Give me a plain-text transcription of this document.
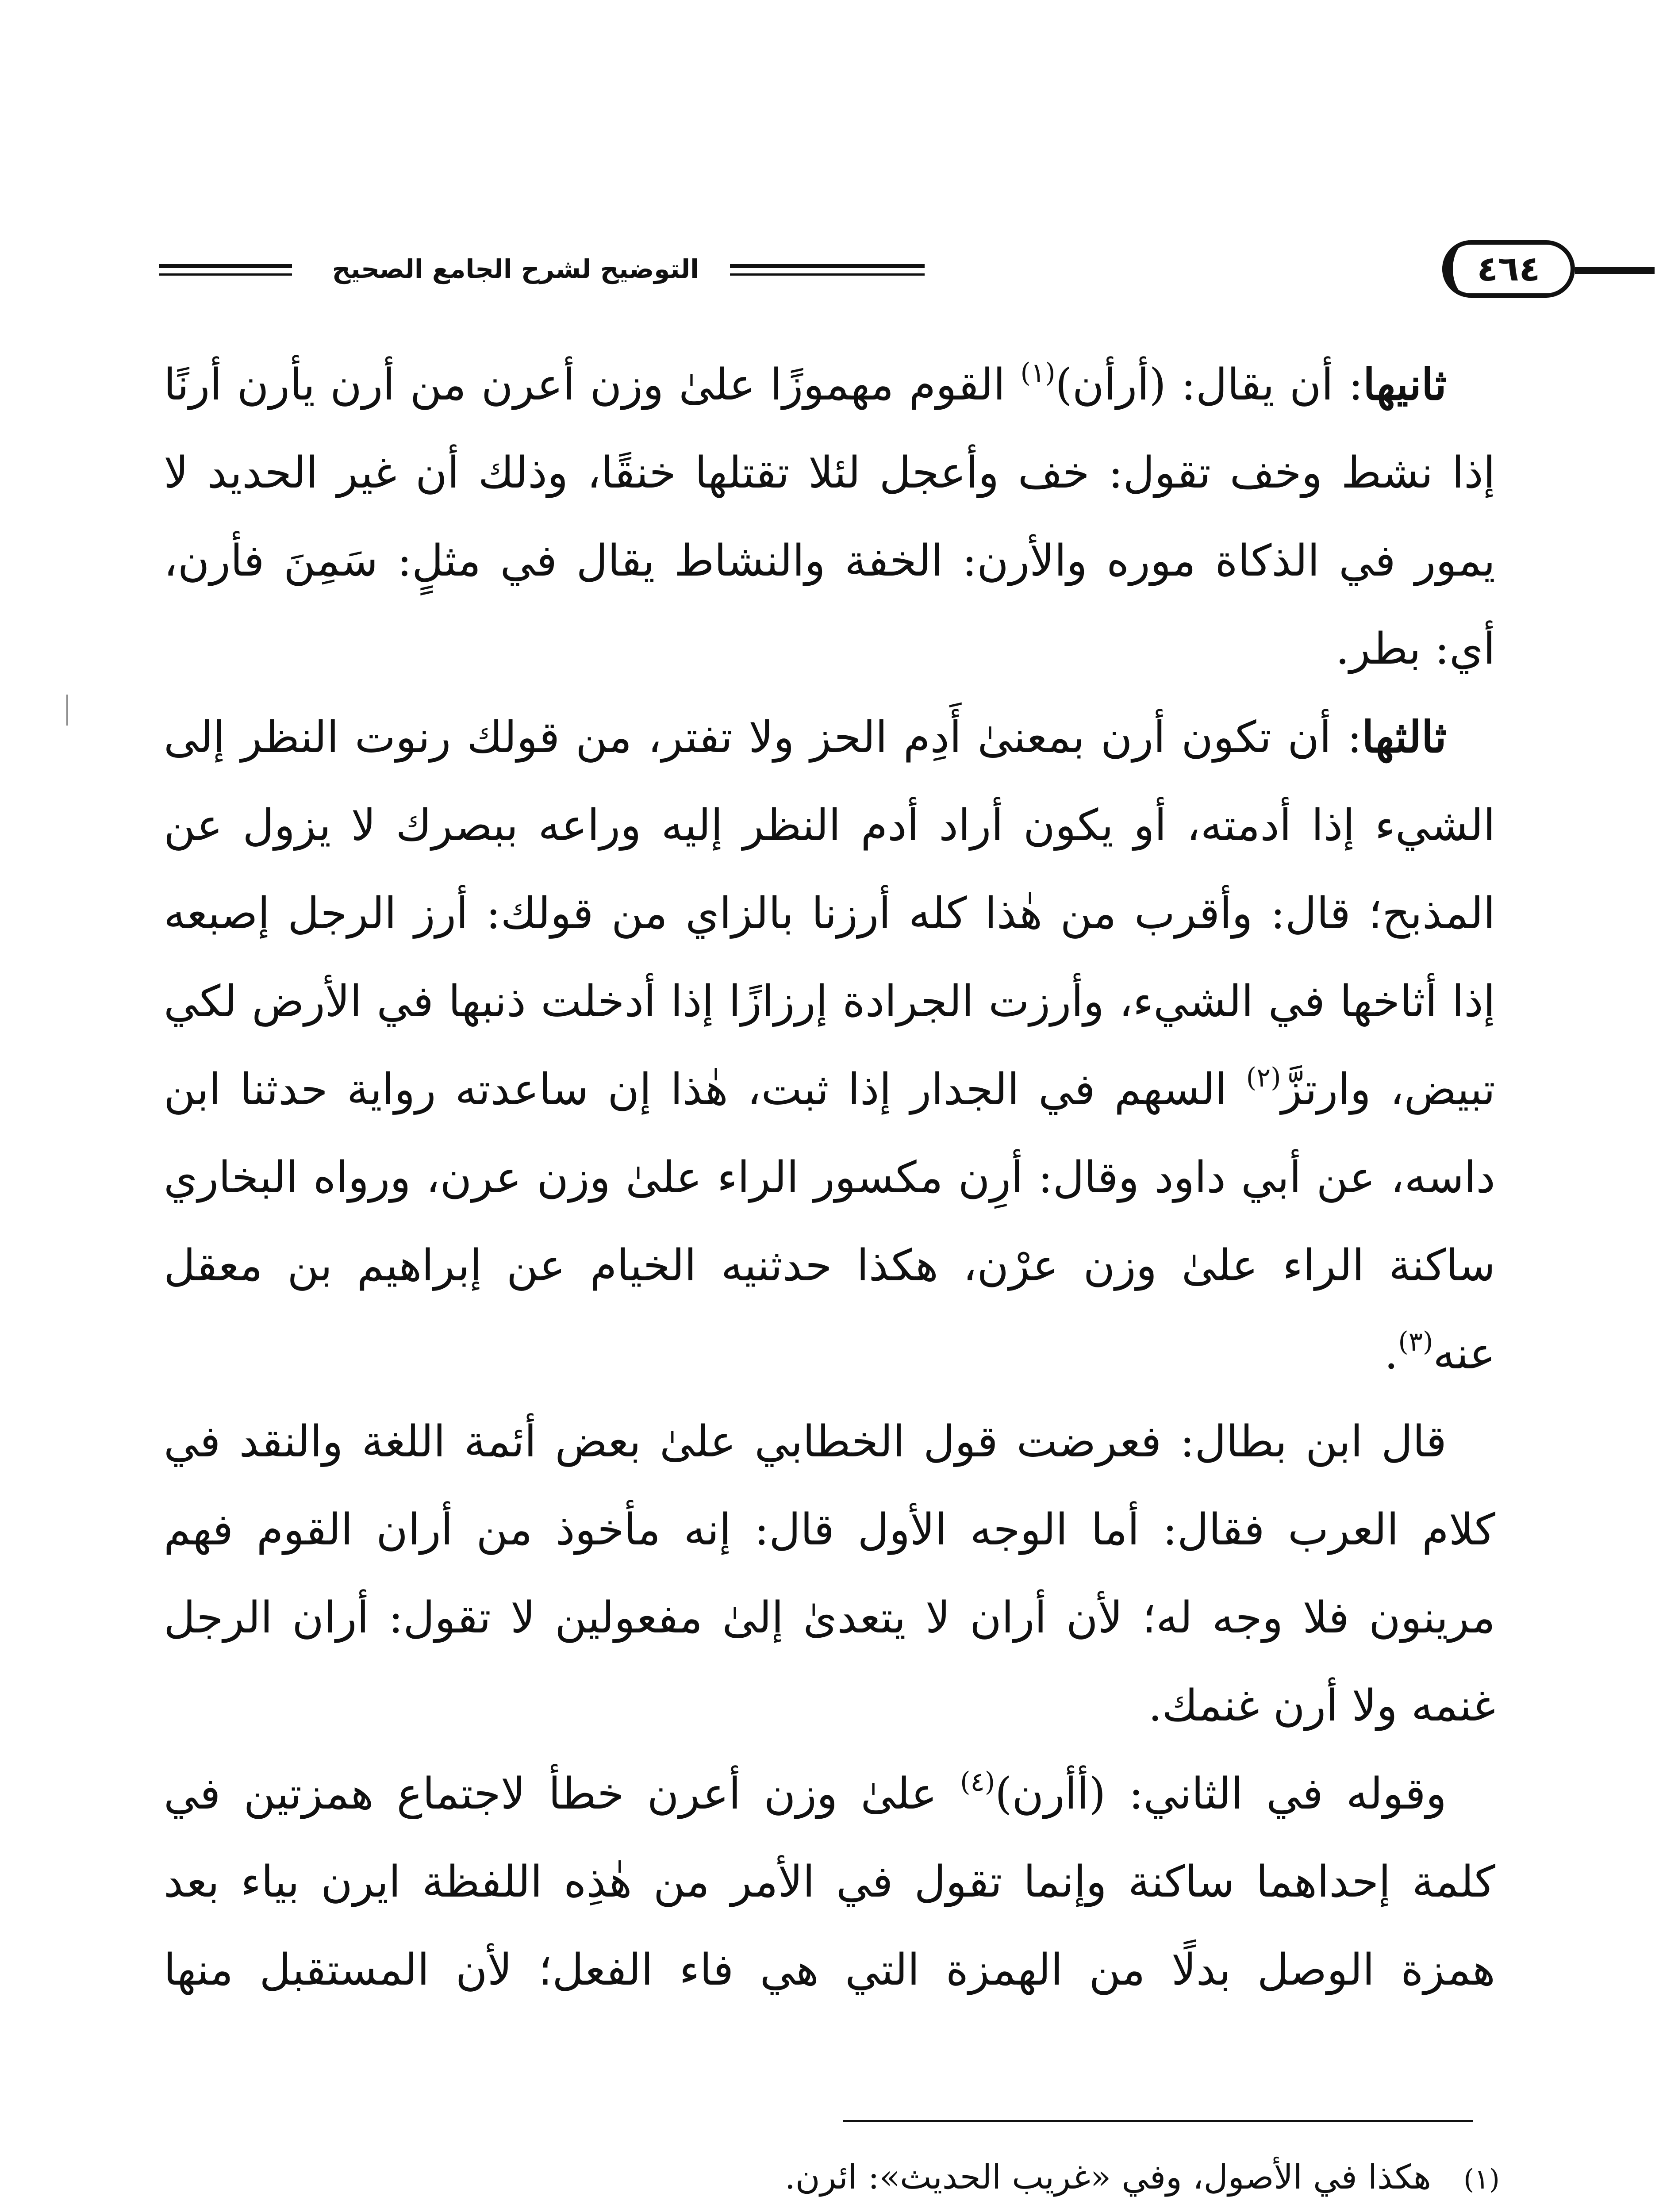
التوضيح لشرح الجامع الصحيح	٤٦٤

ثانيها: أن يقال: (أرأن)$^{(١)}$ القوم مهموزًا علىٰ وزن أعرن من أرن يأرن أرنًا إذا نشط وخف تقول: خف وأعجل لئلا تقتلها خنقًا، وذلك أن غير الحديد لا يمور في الذكاة موره والأرن: الخفة والنشاط يقال في مثلٍ: سَمِنَ فأرن، أي: بطر.

ثالثها: أن تكون أرن بمعنىٰ أَدِم الحز ولا تفتر، من قولك رنوت النظر إلى الشيء إذا أدمته، أو يكون أراد أدم النظر إليه وراعه ببصرك لا يزول عن المذبح؛ قال: وأقرب من هٰذا كله أرزنا بالزاي من قولك: أرز الرجل إصبعه إذا أثاخها في الشيء، وأرزت الجرادة إرزازًا إذا أدخلت ذنبها في الأرض لكي تبيض، وارتزَّ$^{(٢)}$ السهم في الجدار إذا ثبت، هٰذا إن ساعدته رواية حدثنا ابن داسه، عن أبي داود وقال: أرِن مكسور الراء علىٰ وزن عرن، ورواه البخاري ساكنة الراء علىٰ وزن عرْن، هكذا حدثنيه الخيام عن إبراهيم بن معقل عنه$^{(٣)}$.

قال ابن بطال: فعرضت قول الخطابي علىٰ بعض أئمة اللغة والنقد في كلام العرب فقال: أما الوجه الأول قال: إنه مأخوذ من أران القوم فهم مرينون فلا وجه له؛ لأن أران لا يتعدىٰ إلىٰ مفعولين لا تقول: أران الرجل غنمه ولا أرن غنمك.

وقوله في الثاني: (أأرن)$^{(٤)}$ علىٰ وزن أعرن خطأ لاجتماع همزتين في كلمة إحداهما ساكنة وإنما تقول في الأمر من هٰذِه اللفظة ايرن بياء بعد همزة الوصل بدلًا من الهمزة التي هي فاء الفعل؛ لأن المستقبل منها

(١)
هكذا في الأصول، وفي «غريب الحديث»: ائرن.
